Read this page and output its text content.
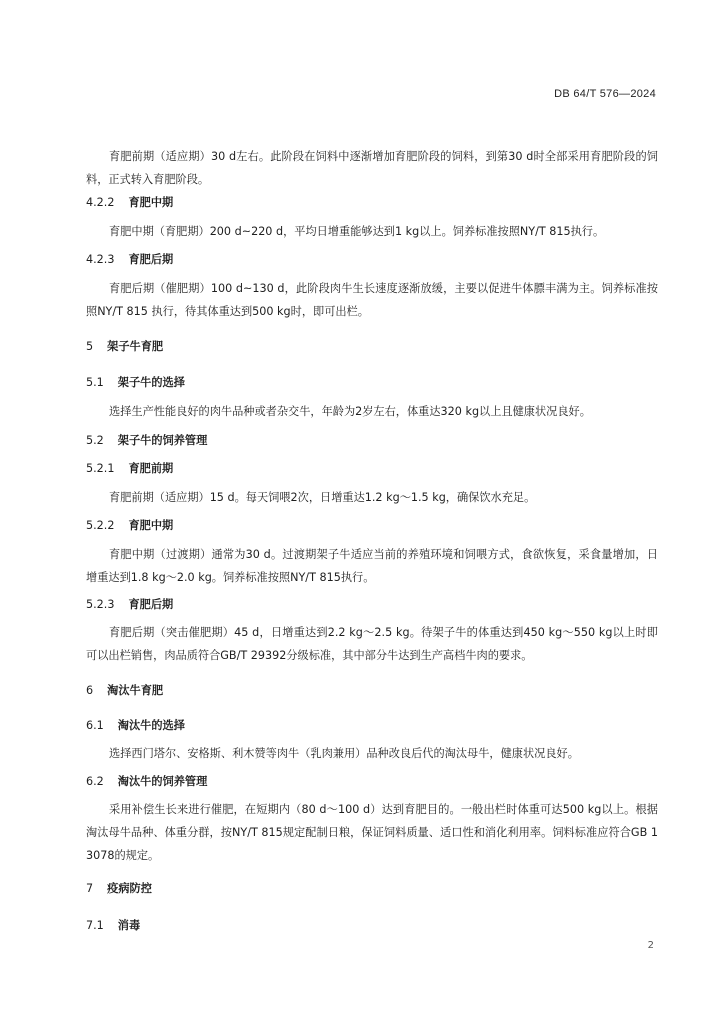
DB 64/T 576—2024
育肥前期（适应期）30 d左右。此阶段在饲料中逐渐增加育肥阶段的饲料，到第30 d时全部采用育肥阶段的饲料，正式转入育肥阶段。
4.2.2 育肥中期
育肥中期（育肥期）200 d~220 d，平均日增重能够达到1 kg以上。饲养标准按照NY/T 815执行。
4.2.3 育肥后期
育肥后期（催肥期）100 d~130 d，此阶段肉牛生长速度逐渐放缓，主要以促进牛体膘丰满为主。饲养标准按照NY/T 815 执行，待其体重达到500 kg时，即可出栏。
5 架子牛育肥
5.1 架子牛的选择
选择生产性能良好的肉牛品种或者杂交牛，年龄为2岁左右，体重达320 kg以上且健康状况良好。
5.2 架子牛的饲养管理
5.2.1 育肥前期
育肥前期（适应期）15 d。每天饲喂2次，日增重达1.2 kg～1.5 kg，确保饮水充足。
5.2.2 育肥中期
育肥中期（过渡期）通常为30 d。过渡期架子牛适应当前的养殖环境和饲喂方式，食欲恢复，采食量增加，日增重达到1.8 kg～2.0 kg。饲养标准按照NY/T 815执行。
5.2.3 育肥后期
育肥后期（突击催肥期）45 d，日增重达到2.2 kg～2.5 kg。待架子牛的体重达到450 kg～550 kg以上时即可以出栏销售，肉品质符合GB/T 29392分级标准，其中部分牛达到生产高档牛肉的要求。
6 淘汰牛育肥
6.1 淘汰牛的选择
选择西门塔尔、安格斯、利木赞等肉牛（乳肉兼用）品种改良后代的淘汰母牛，健康状况良好。
6.2 淘汰牛的饲养管理
采用补偿生长来进行催肥，在短期内（80 d～100 d）达到育肥目的。一般出栏时体重可达500 kg以上。根据淘汰母牛品种、体重分群，按NY/T 815规定配制日粮，保证饲料质量、适口性和消化利用率。饲料标准应符合GB 13078的规定。
7 疫病防控
7.1 消毒
2
